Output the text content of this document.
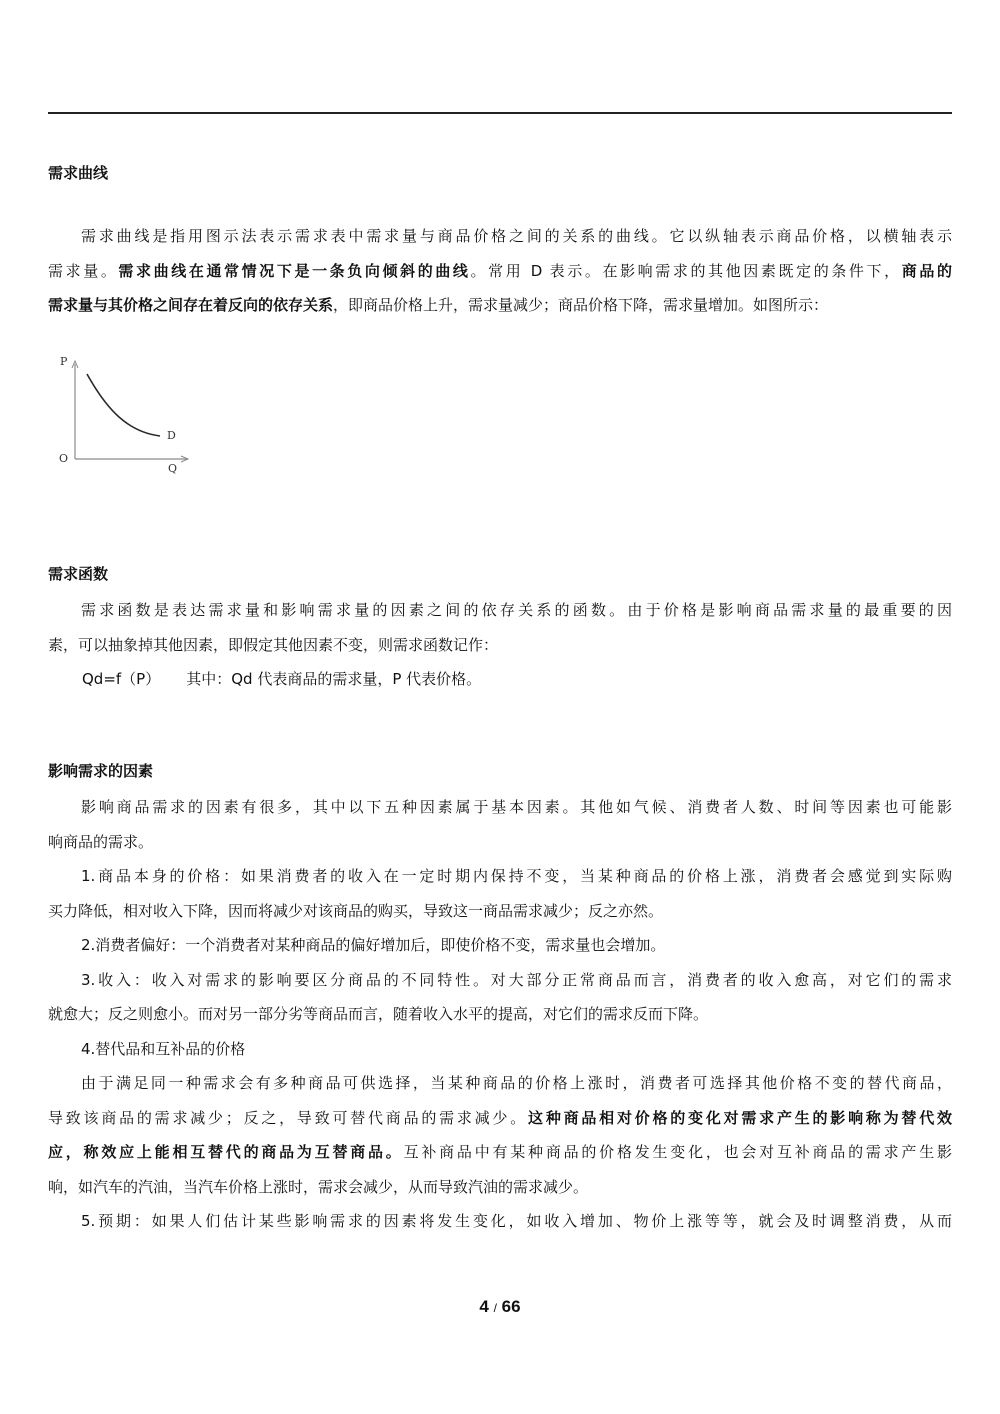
需求曲线

需求曲线是指用图示法表示需求表中需求量与商品价格之间的关系的曲线。它以纵轴表示商品价格，以横轴表示

需求量。需求曲线在通常情况下是一条负向倾斜的曲线。常用 D 表示。在影响需求的其他因素既定的条件下，商品的

需求量与其价格之间存在着反向的依存关系，即商品价格上升，需求量减少；商品价格下降，需求量增加。如图所示：

P
O
D
Q
需求函数

需求函数是表达需求量和影响需求量的因素之间的依存关系的函数。由于价格是影响商品需求量的最重要的因

素，可以抽象掉其他因素，即假定其他因素不变，则需求函数记作：

Qd=f（P） 其中：Qd 代表商品的需求量，P 代表价格。

影响需求的因素

影响商品需求的因素有很多，其中以下五种因素属于基本因素。其他如气候、消费者人数、时间等因素也可能影

响商品的需求。

1.商品本身的价格：如果消费者的收入在一定时期内保持不变，当某种商品的价格上涨，消费者会感觉到实际购

买力降低，相对收入下降，因而将减少对该商品的购买，导致这一商品需求减少；反之亦然。

2.消费者偏好：一个消费者对某种商品的偏好增加后，即使价格不变，需求量也会增加。

3.收入：收入对需求的影响要区分商品的不同特性。对大部分正常商品而言，消费者的收入愈高，对它们的需求

就愈大；反之则愈小。而对另一部分劣等商品而言，随着收入水平的提高，对它们的需求反而下降。

4.替代品和互补品的价格

由于满足同一种需求会有多种商品可供选择，当某种商品的价格上涨时，消费者可选择其他价格不变的替代商品，

导致该商品的需求减少；反之，导致可替代商品的需求减少。这种商品相对价格的变化对需求产生的影响称为替代效

应，称效应上能相互替代的商品为互替商品。互补商品中有某种商品的价格发生变化，也会对互补商品的需求产生影

响，如汽车的汽油，当汽车价格上涨时，需求会减少，从而导致汽油的需求减少。

5.预期：如果人们估计某些影响需求的因素将发生变化，如收入增加、物价上涨等等，就会及时调整消费，从而

4 / 66
